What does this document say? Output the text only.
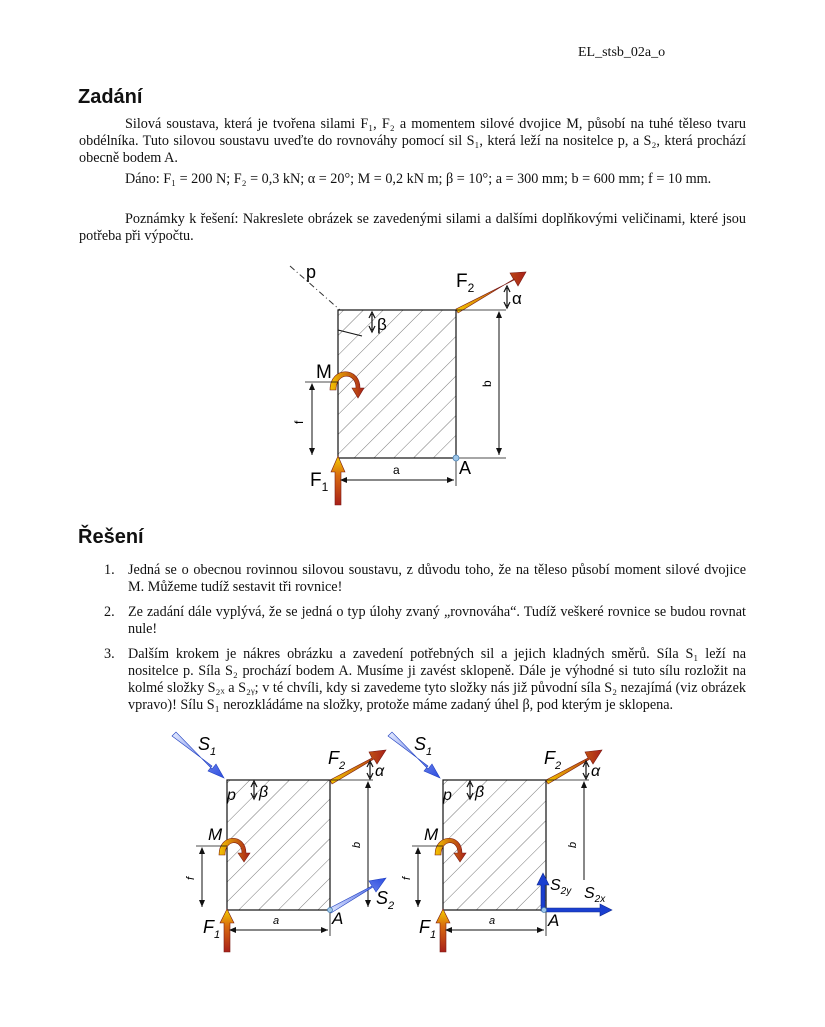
EL_stsb_02a_o
Zadání

Silová soustava, která je tvořena silami F₁, F₂ a momentem silové dvojice M, působí na tuhé těleso tvaru obdélníka. Tuto silovou soustavu uveďte do rovnováhy pomocí sil S₁, která leží na nositelce p, a S₂, která prochází obecně bodem A.

Dáno: F₁ = 200 N; F₂ = 0,3 kN; α = 20°; M = 0,2 kN m; β = 10°; a = 300 mm; b = 600 mm; f = 10 mm.

Poznámky k řešení: Nakreslete obrázek se zavedenými silami a dalšími doplňkovými veličinami, které jsou potřeba při výpočtu.

p
β
$F_2$
α
b
M
f
$F_1$
a	A
Řešení
1. Jedná se o obecnou rovinnou silovou soustavu, z důvodu toho, že na těleso působí moment silové dvojice M. Můžeme tudíž sestavit tři rovnice!
2. Ze zadání dále vyplývá, že se jedná o typ úlohy zvaný „rovnováha“. Tudíž veškeré rovnice se budou rovnat nule!
3. Dalším krokem je nákres obrázku a zavedení potřebných sil a jejich kladných směrů. Síla S₁ leží na nositelce p. Síla S₂ prochází bodem A. Musíme ji zavést sklopeně. Dále je výhodné si tuto sílu rozložit na kolmé složky S₂ₓ a S₂ᵧ; v té chvíli, kdy si zavedeme tyto složky nás již původní síla S₂ nezajímá (viz obrázek vpravo)! Sílu S₁ nerozkládáme na složky, protože máme zadaný úhel β, pod kterým je sklopena.
$S_1$
p β
$F_2$ α
b
$S_2$
M
f
$F_1$
a	A
$S_1$
p β
$F_2$ α
b
$S_{2y}$ $S_{2x}$
M
f
$F_1$
a	A
